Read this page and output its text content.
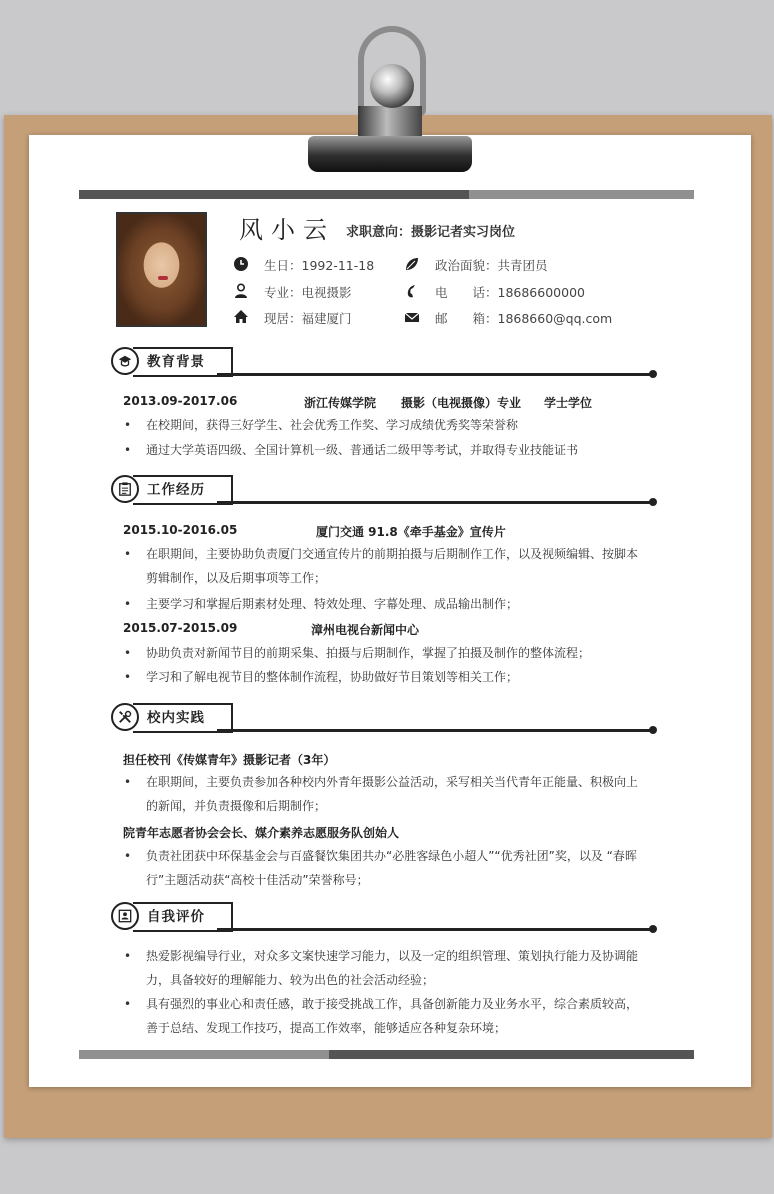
风小云 求职意向：摄影记者实习岗位
生日：1992-11-18	政治面貌：共青团员
专业：电视摄影	电　　话：18686600000
现居：福建厦门	邮　　箱：1868660@qq.com
教育背景
2013.09-2017.06	浙江传媒学院 摄影（电视摄像）专业 学士学位
• 在校期间，获得三好学生、社会优秀工作奖、学习成绩优秀奖等荣誉称
• 通过大学英语四级、全国计算机一级、普通话二级甲等考试，并取得专业技能证书
工作经历
2015.10-2016.05	厦门交通 91.8《牵手基金》宣传片
• 在职期间，主要协助负责厦门交通宣传片的前期拍摄与后期制作工作，以及视频编辑、按脚本剪辑制作，以及后期事项等工作；
• 主要学习和掌握后期素材处理、特效处理、字幕处理、成品输出制作；
2015.07-2015.09	漳州电视台新闻中心
• 协助负责对新闻节目的前期采集、拍摄与后期制作，掌握了拍摄及制作的整体流程；
• 学习和了解电视节目的整体制作流程，协助做好节目策划等相关工作；
校内实践
担任校刊《传媒青年》摄影记者（3年）
• 在职期间，主要负责参加各种校内外青年摄影公益活动，采写相关当代青年正能量、积极向上的新闻，并负责摄像和后期制作；
院青年志愿者协会会长、媒介素养志愿服务队创始人
• 负责社团获中环保基金会与百盛餐饮集团共办“必胜客绿色小超人”“优秀社团”奖，以及 “春晖行”主题活动获“高校十佳活动”荣誉称号；
自我评价
• 热爱影视编导行业，对众多文案快速学习能力，以及一定的组织管理、策划执行能力及协调能力，具备较好的理解能力、较为出色的社会活动经验；
• 具有强烈的事业心和责任感，敢于接受挑战工作，具备创新能力及业务水平，综合素质较高，善于总结、发现工作技巧，提高工作效率，能够适应各种复杂环境；
